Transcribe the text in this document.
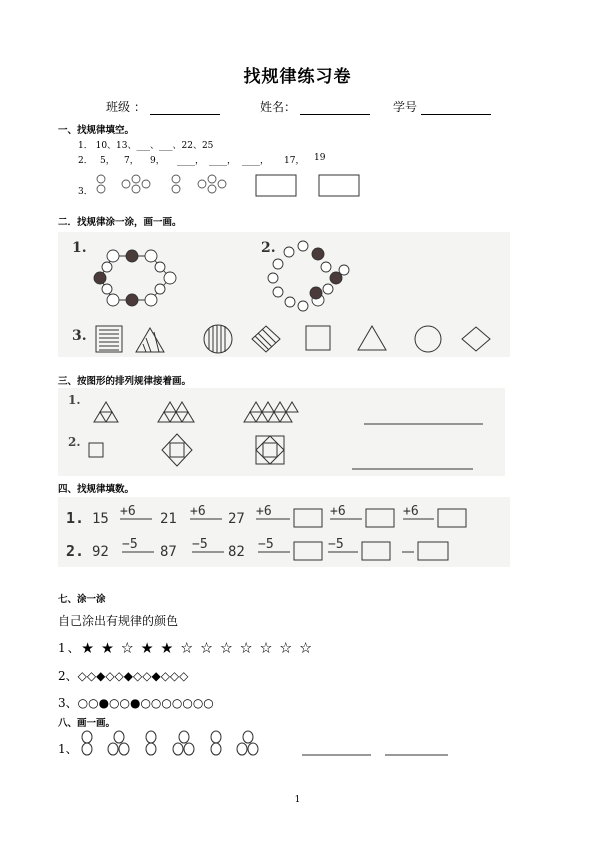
找规律练习卷
班级 ：	姓名：	学号
一、找规律填空。
1． 10、13、___、___、22、25
2． 5， 7， 9， ____， ____， ____， 17， 19
3．
二．找规律涂一涂，画一画。
1.	2.
3.
三、按图形的排列规律接着画。
1.
2.
四、找规律填数。
1. 15 +6 21 +6 27 +6	+6	+6
2. 92 −5 87 −5 82 −5	−5
七、涂一涂
自己涂出有规律的颜色
1、★ ★ ☆ ★ ★ ☆ ☆ ☆ ☆ ☆ ☆ ☆
2、◇◇◆◇◇◆◇◇◆◇◇◇
3、○○●○○●○○○○○○○
八、画一画。
1、
1
